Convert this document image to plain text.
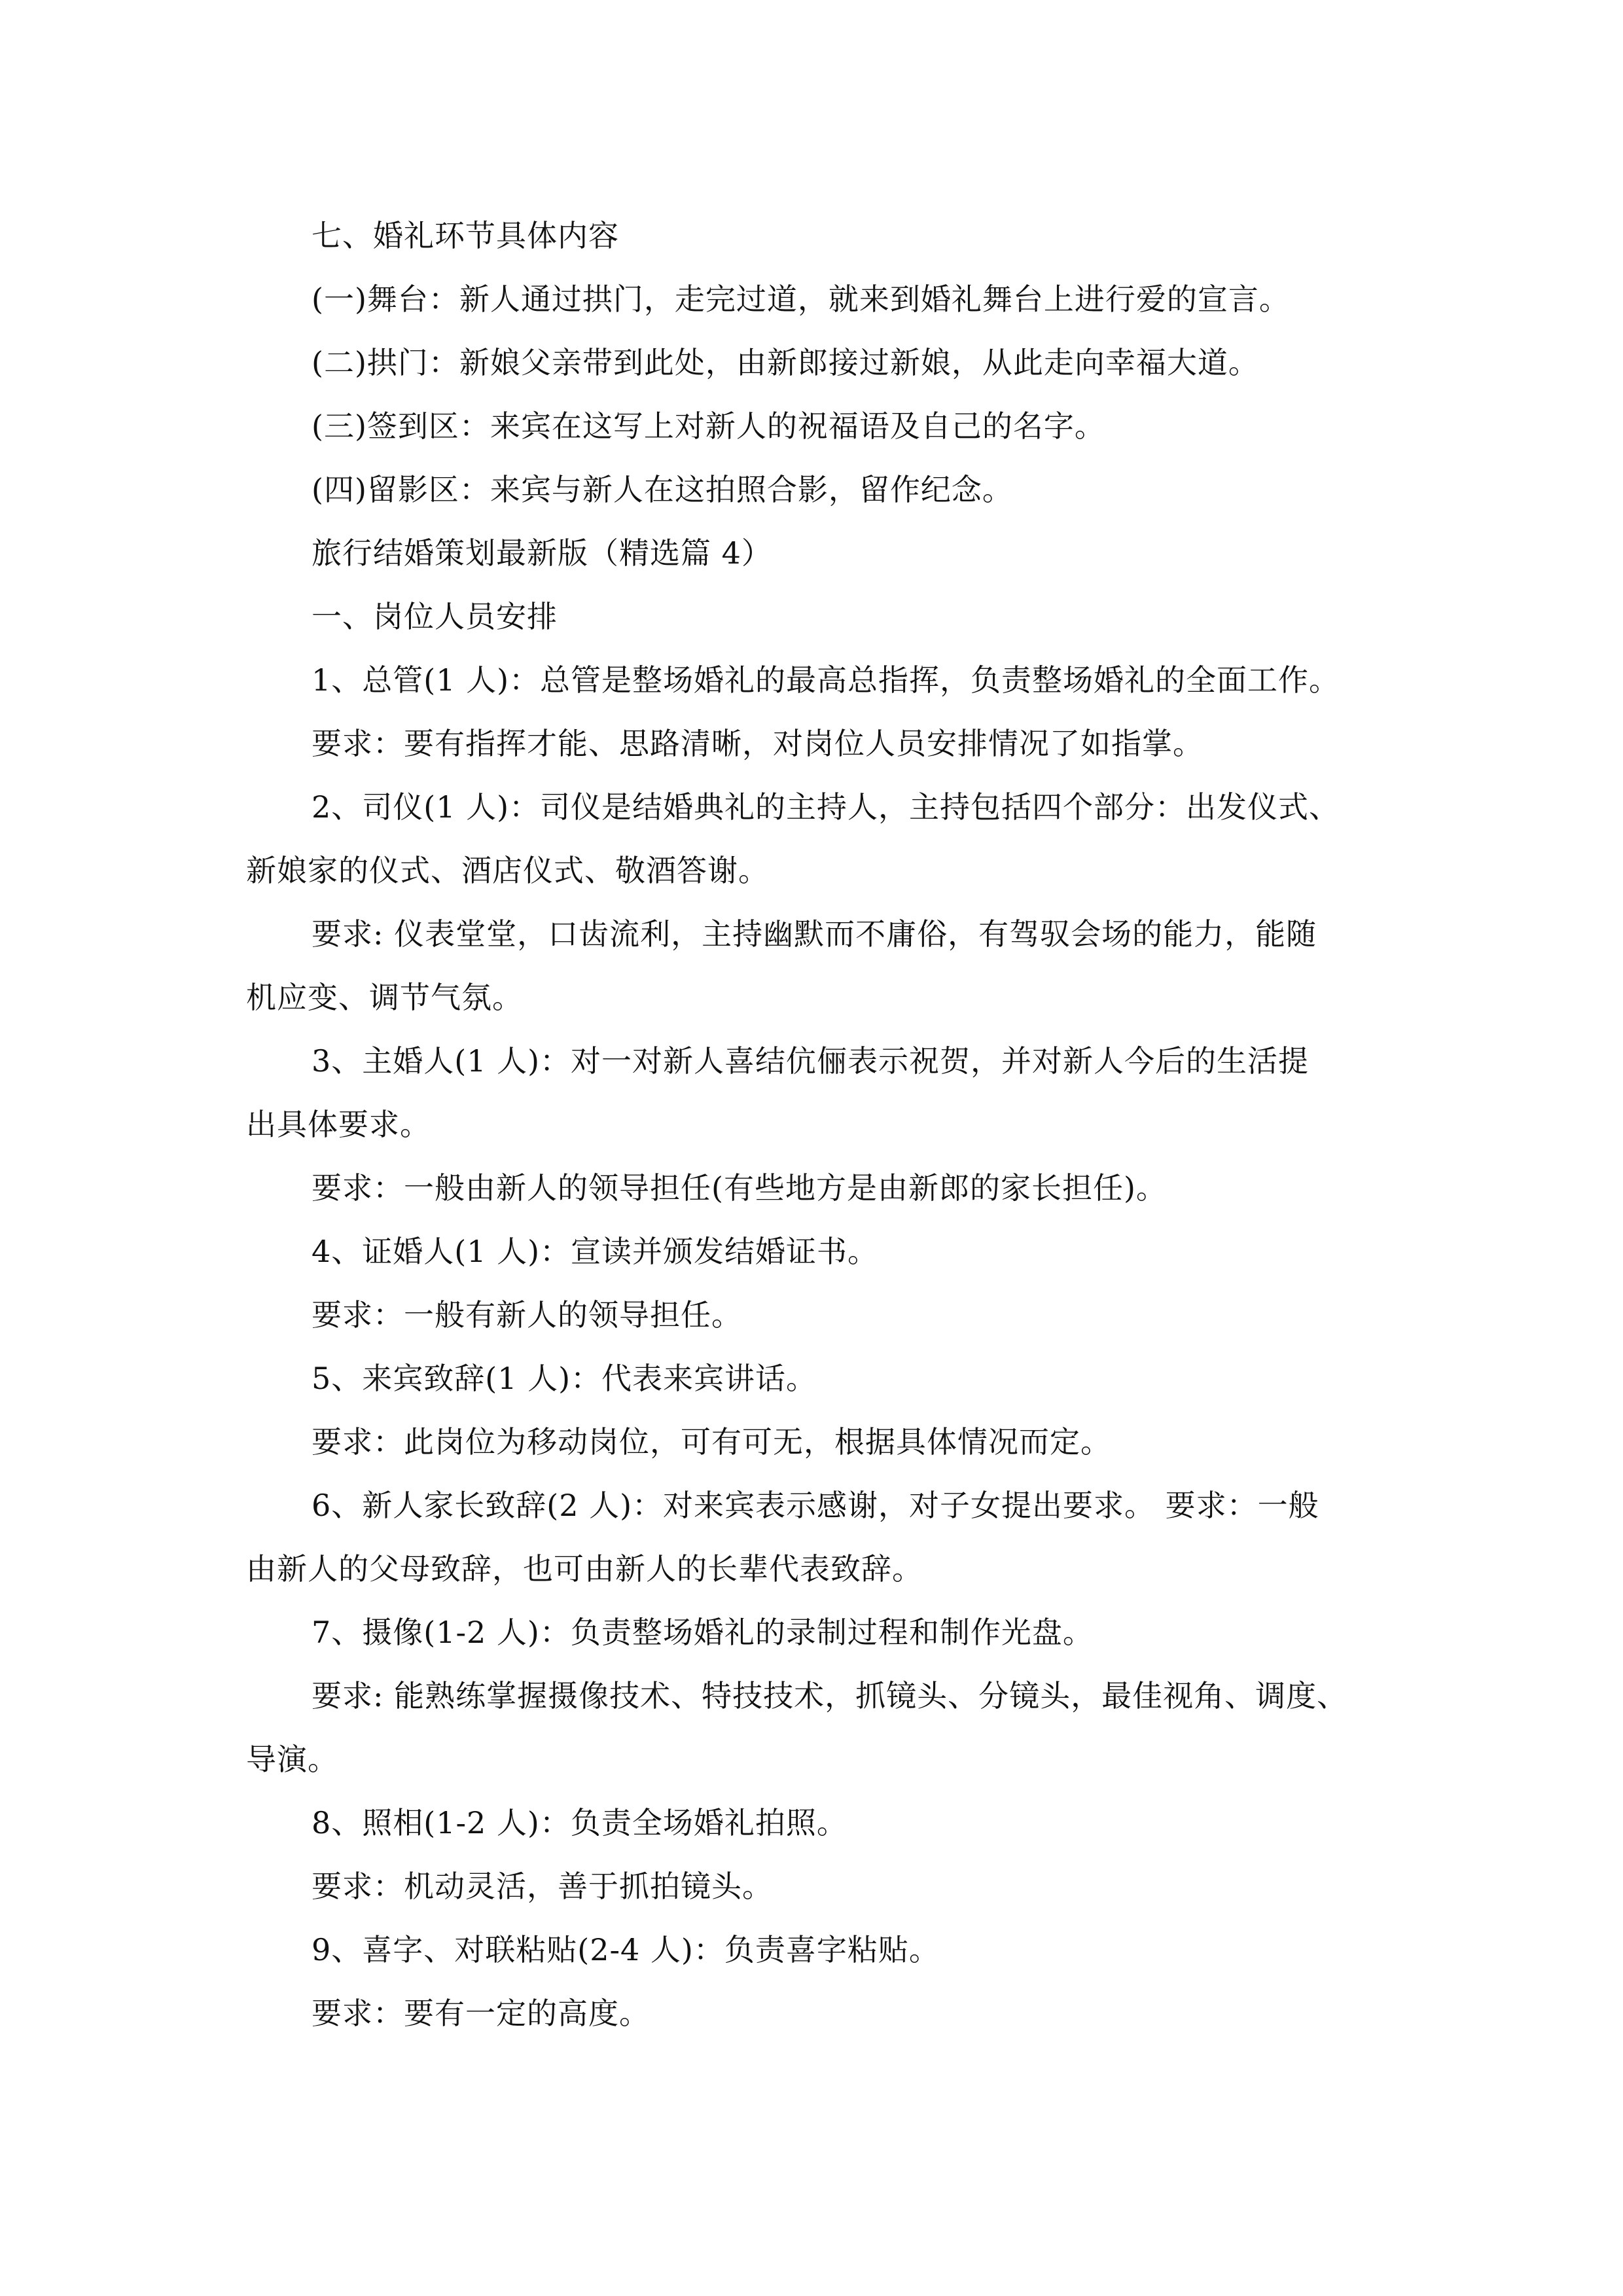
七、婚礼环节具体内容
(一)舞台：新人通过拱门，走完过道，就来到婚礼舞台上进行爱的宣言。
(二)拱门：新娘父亲带到此处，由新郎接过新娘，从此走向幸福大道。
(三)签到区：来宾在这写上对新人的祝福语及自己的名字。
(四)留影区：来宾与新人在这拍照合影，留作纪念。
旅行结婚策划最新版（精选篇 4）
一、岗位人员安排
1、总管(1 人)：总管是整场婚礼的最高总指挥，负责整场婚礼的全面工作。
要求：要有指挥才能、思路清晰，对岗位人员安排情况了如指掌。
2、司仪(1 人)：司仪是结婚典礼的主持人，主持包括四个部分：出发仪式、
新娘家的仪式、酒店仪式、敬酒答谢。
要求: 仪表堂堂，口齿流利，主持幽默而不庸俗，有驾驭会场的能力，能随
机应变、调节气氛。
3、主婚人(1 人)：对一对新人喜结伉俪表示祝贺，并对新人今后的生活提
出具体要求。
要求：一般由新人的领导担任(有些地方是由新郎的家长担任)。
4、证婚人(1 人)：宣读并颁发结婚证书。
要求：一般有新人的领导担任。
5、来宾致辞(1 人)：代表来宾讲话。
要求：此岗位为移动岗位，可有可无，根据具体情况而定。
6、新人家长致辞(2 人)：对来宾表示感谢，对子女提出要求。 要求：一般
由新人的父母致辞，也可由新人的长辈代表致辞。
7、摄像(1-2 人)：负责整场婚礼的录制过程和制作光盘。
要求: 能熟练掌握摄像技术、特技技术，抓镜头、分镜头，最佳视角、调度、
导演。
8、照相(1-2 人)：负责全场婚礼拍照。
要求：机动灵活，善于抓拍镜头。
9、喜字、对联粘贴(2-4 人)：负责喜字粘贴。
要求：要有一定的高度。
